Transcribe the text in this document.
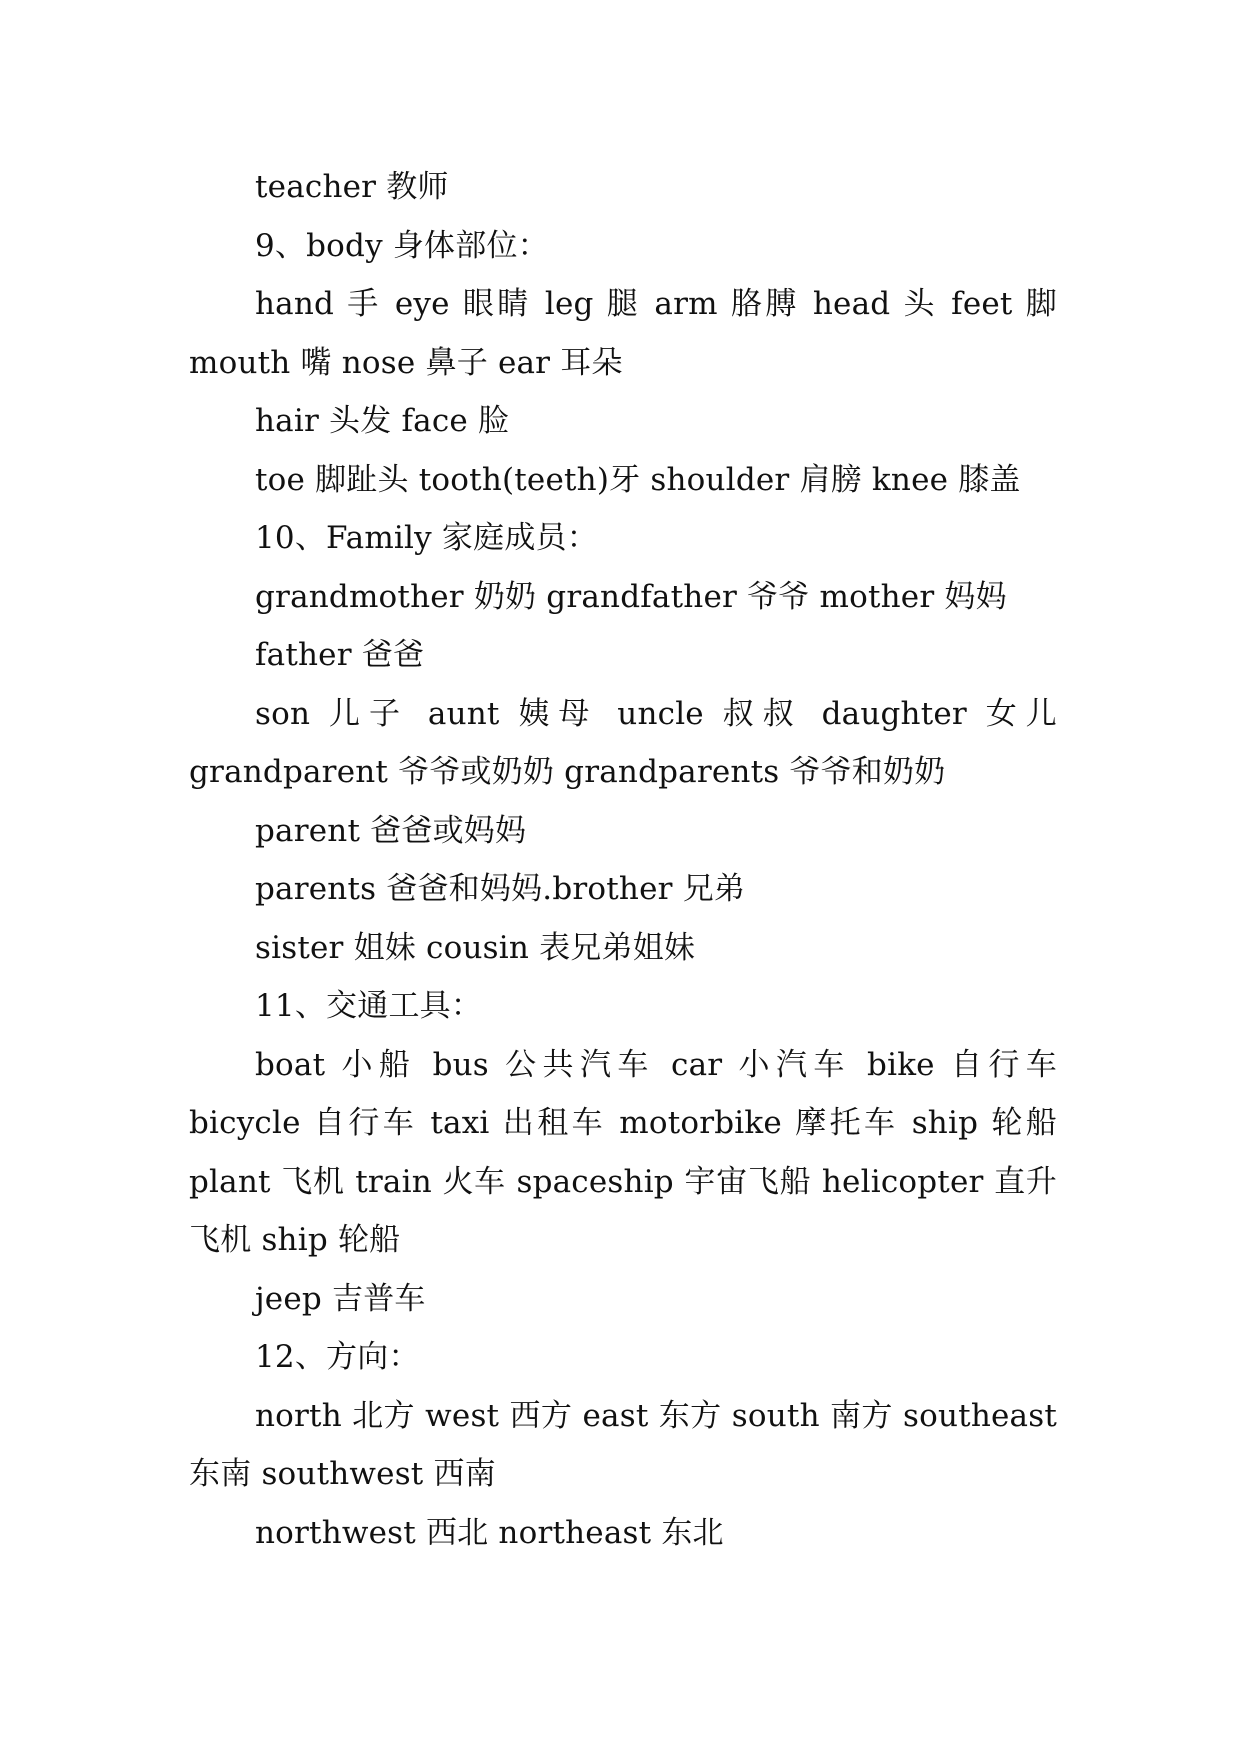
teacher 教师

9、body 身体部位：

hand 手 eye 眼睛 leg 腿 arm 胳膊 head 头 feet 脚 mouth 嘴 nose 鼻子 ear 耳朵

hair 头发 face 脸

toe 脚趾头 tooth(teeth)牙 shoulder 肩膀 knee 膝盖

10、Family 家庭成员：

grandmother 奶奶 grandfather 爷爷 mother 妈妈

father 爸爸

son 儿子 aunt 姨母 uncle 叔叔 daughter 女儿 grandparent 爷爷或奶奶 grandparents 爷爷和奶奶

parent 爸爸或妈妈

parents 爸爸和妈妈.brother 兄弟

sister 姐妹 cousin 表兄弟姐妹

11、交通工具：

boat 小船 bus 公共汽车 car 小汽车 bike 自行车 bicycle 自行车 taxi 出租车 motorbike 摩托车 ship 轮船 plant 飞机 train 火车 spaceship 宇宙飞船 helicopter 直升飞机 ship 轮船

jeep 吉普车

12、方向：

north 北方 west 西方 east 东方 south 南方 southeast 东南 southwest 西南

northwest 西北 northeast 东北
